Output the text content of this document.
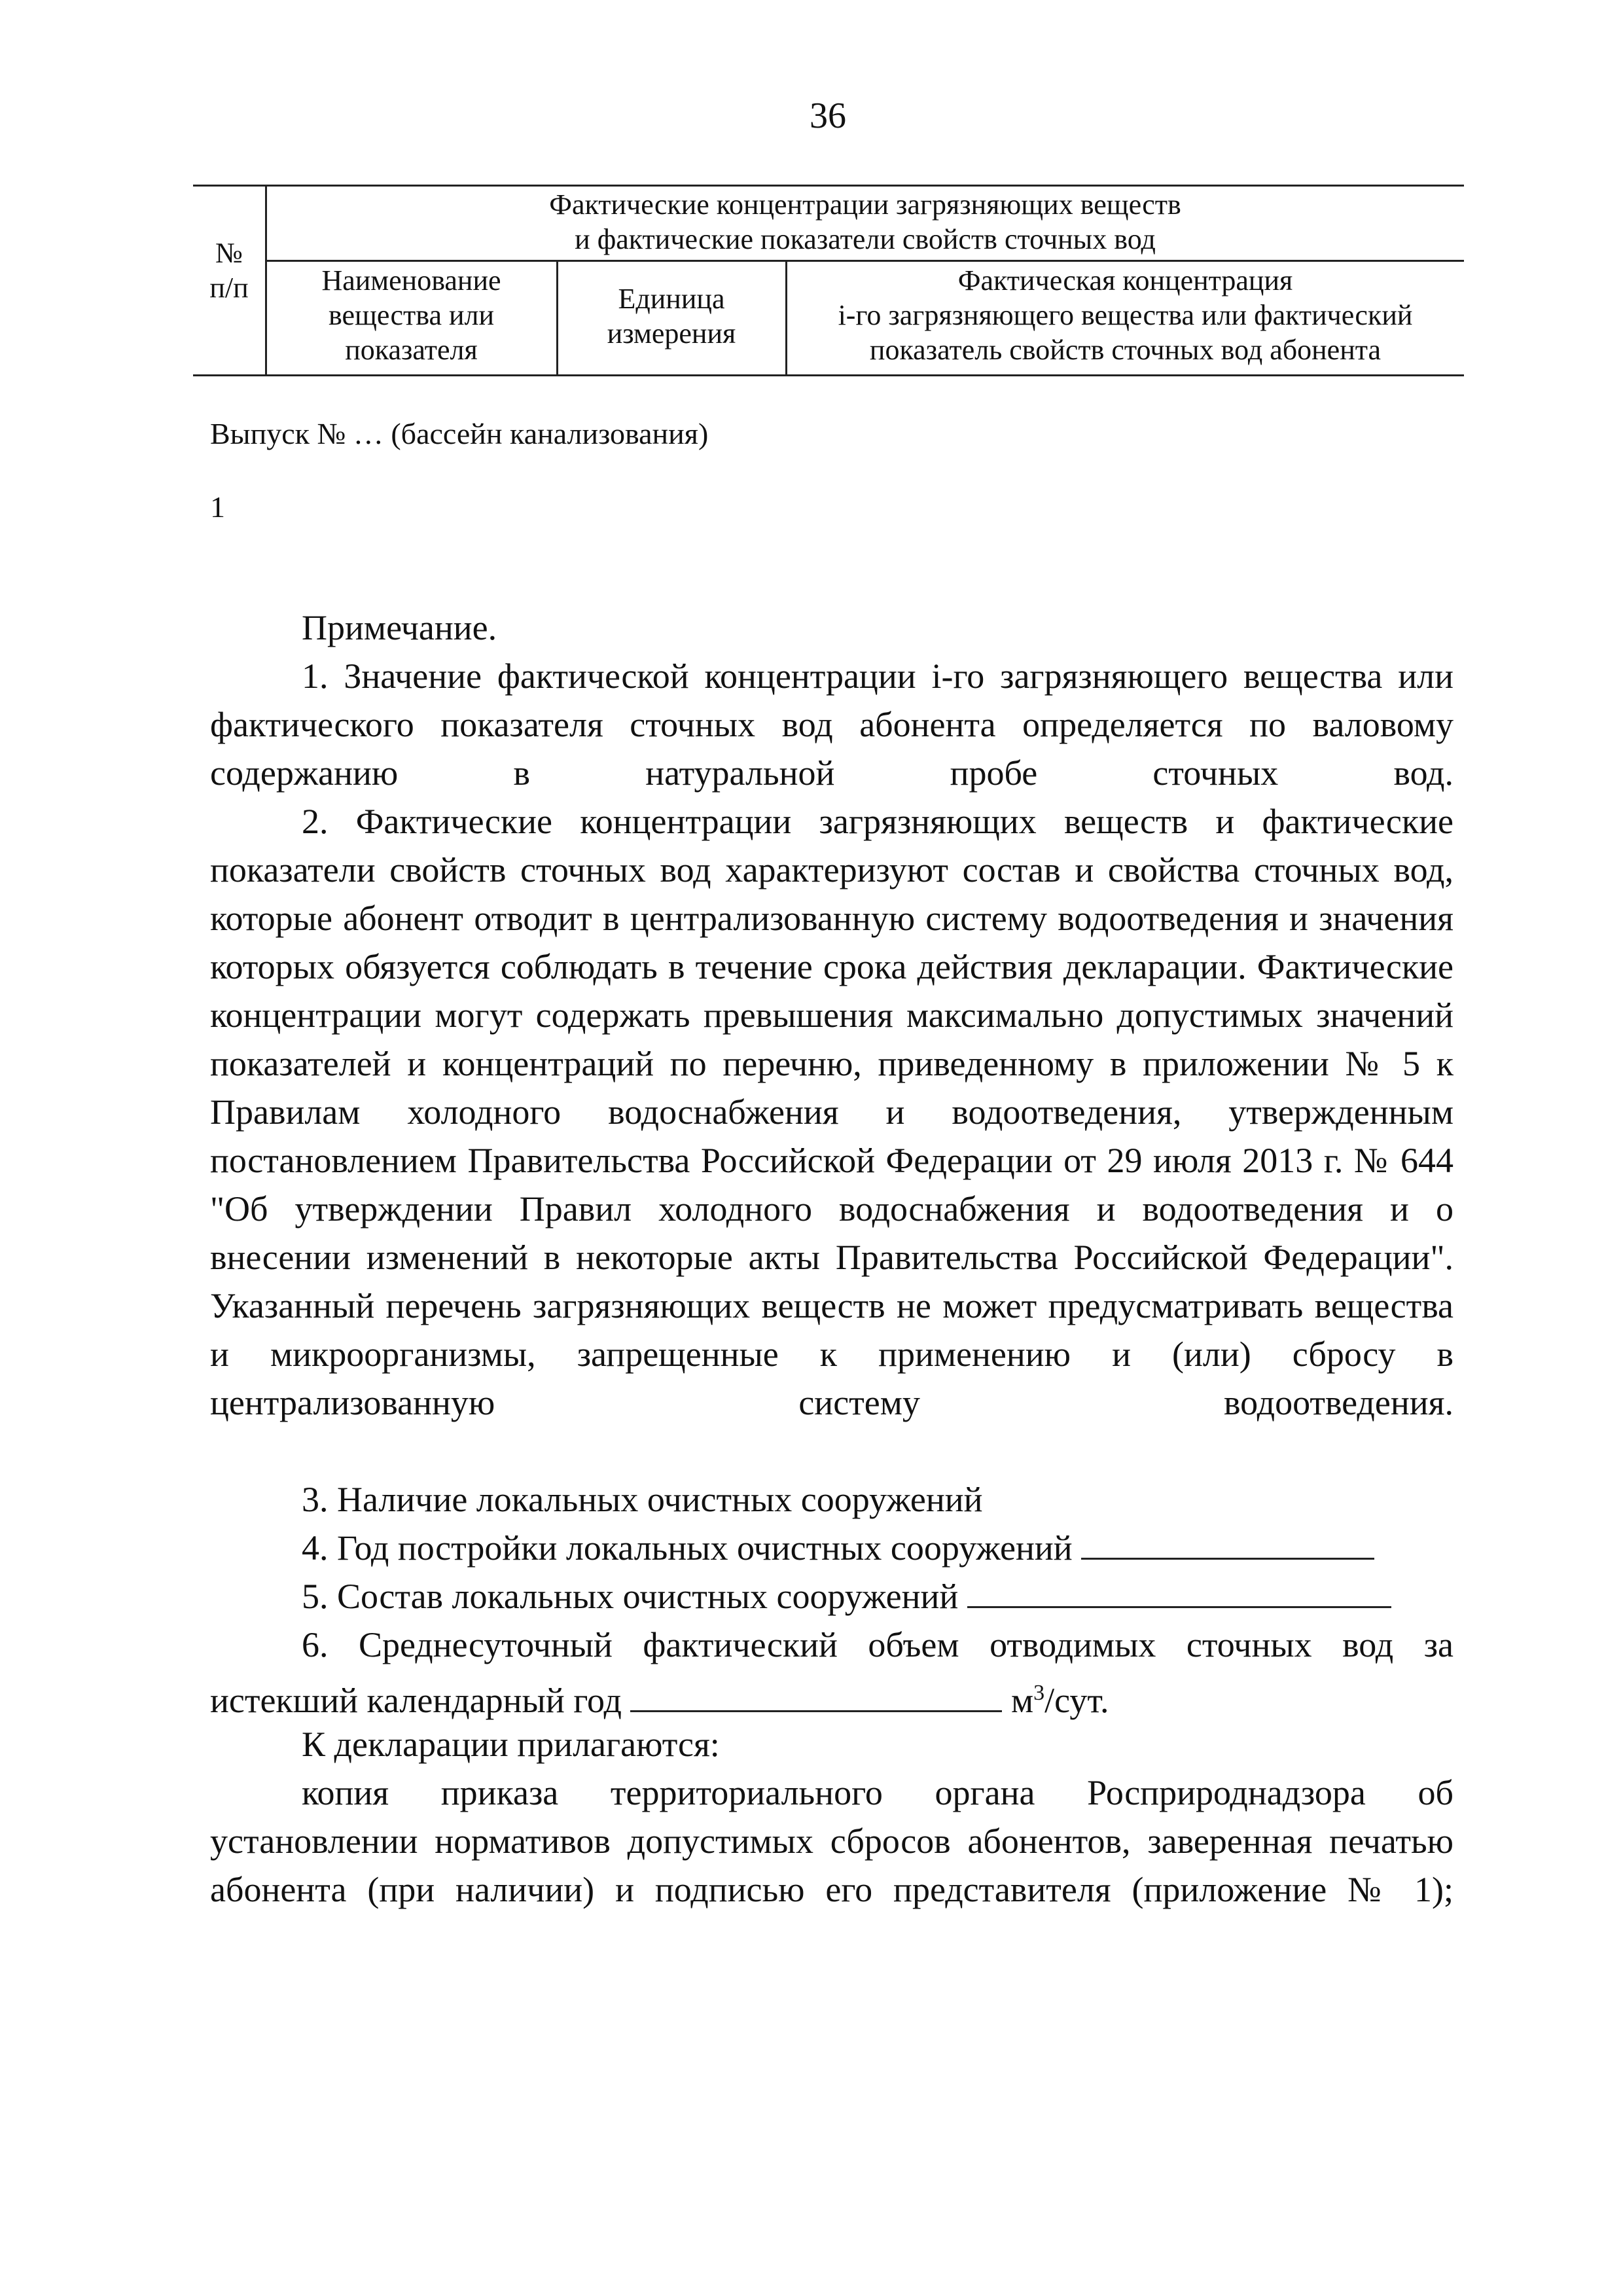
36
№
п/п
Фактические концентрации загрязняющих веществ
и фактические показатели свойств сточных вод
Наименование
вещества или
показателя
Единица
измерения
Фактическая концентрация
i-го загрязняющего вещества или фактический
показатель свойств сточных вод абонента
Выпуск № … (бассейн канализования)
1
Примечание.

1. Значение фактической концентрации i-го загрязняющего вещества или фактического показателя сточных вод абонента определяется по валовому содержанию в натуральной пробе сточных вод.

2. Фактические концентрации загрязняющих веществ и фактические показатели свойств сточных вод характеризуют состав и свойства сточных вод, которые абонент отводит в централизованную систему водоотведения и значения которых обязуется соблюдать в течение срока действия декларации. Фактические концентрации могут содержать превышения максимально допустимых значений показателей и концентраций по перечню, приведенному в приложении № 5 к Правилам холодного водоснабжения и водоотведения, утвержденным постановлением Правительства Российской Федерации от 29 июля 2013 г. № 644 "Об утверждении Правил холодного водоснабжения и водоотведения и о внесении изменений в некоторые акты Правительства Российской Федерации". Указанный перечень загрязняющих веществ не может предусматривать вещества и микроорганизмы, запрещенные к применению и (или) сбросу в централизованную систему водоотведения.

3. Наличие локальных очистных сооружений
4. Год постройки локальных очистных сооружений
5. Состав локальных очистных сооружений
6. Среднесуточный фактический объем отводимых сточных вод за
истекший календарный год	$м^3$/сут.
К декларации прилагаются:

копия приказа территориального органа Росприроднадзора об установлении нормативов допустимых сбросов абонентов, заверенная печатью абонента (при наличии) и подписью его представителя (приложение № 1);
